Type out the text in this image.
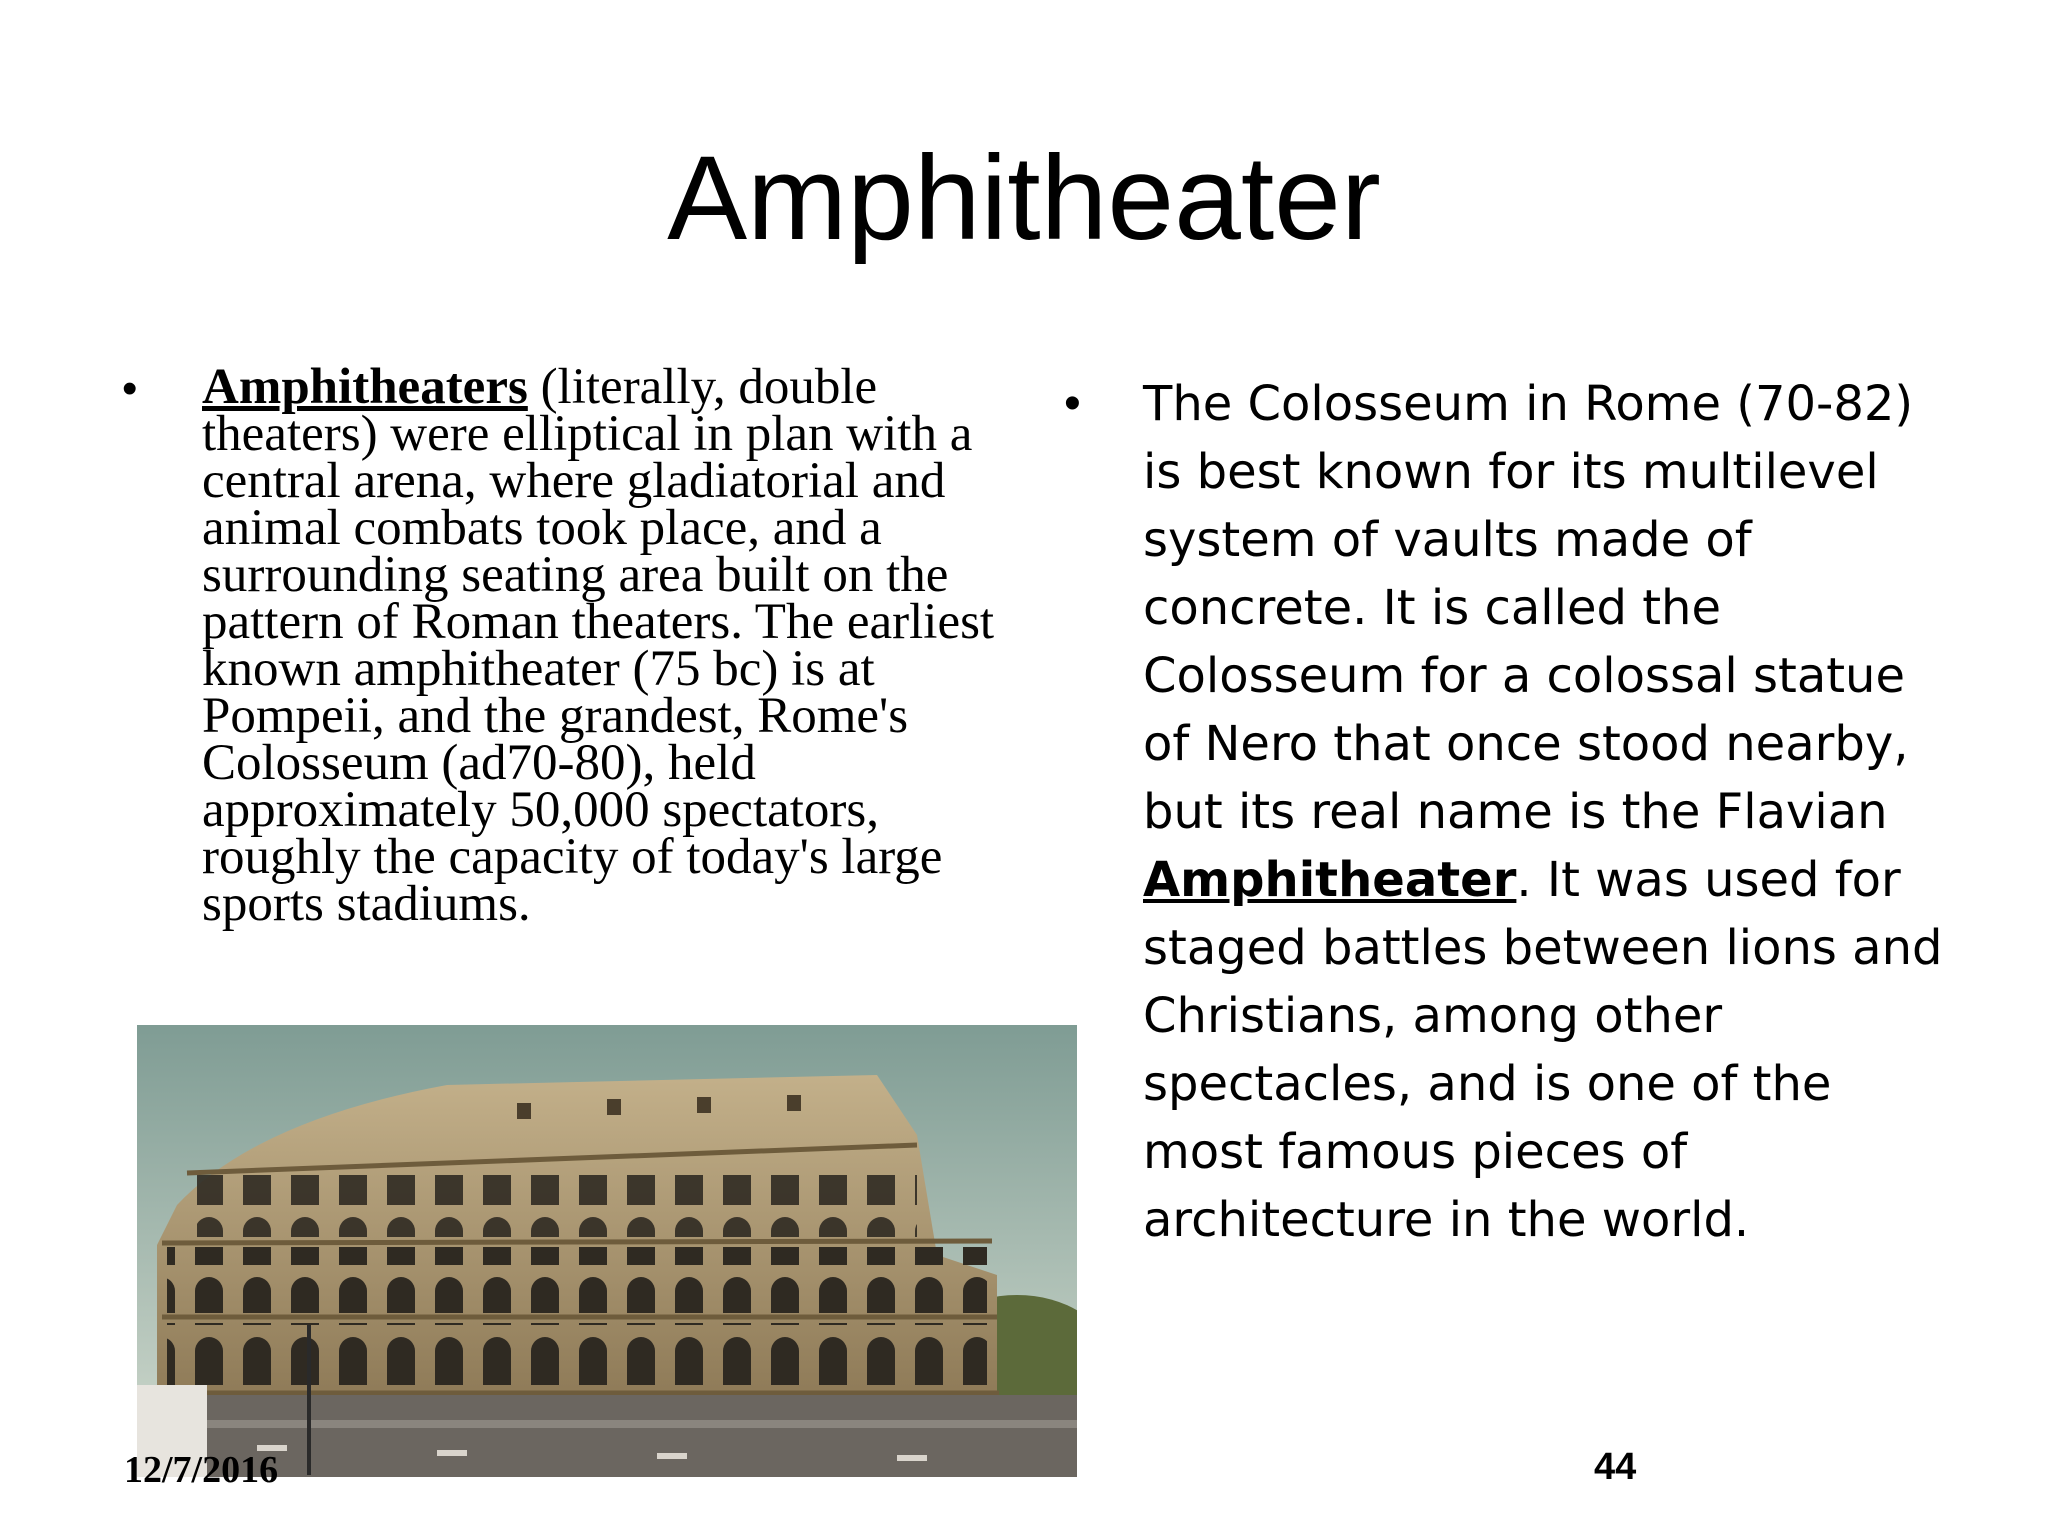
Amphitheater
• Amphitheaters (literally, double theaters) were elliptical in plan with a central arena, where gladiatorial and animal combats took place, and a surrounding seating area built on the pattern of Roman theaters. The earliest known amphitheater (75 bc) is at Pompeii, and the grandest, Rome's Colosseum (ad70-80), held approximately 50,000 spectators, roughly the capacity of today's large sports stadiums.
• The Colosseum in Rome (70-82) is best known for its multilevel system of vaults made of concrete. It is called the Colosseum for a colossal statue of Nero that once stood nearby, but its real name is the Flavian Amphitheater. It was used for staged battles between lions and Christians, among other spectacles, and is one of the most famous pieces of architecture in the world.
12/7/2016	44
